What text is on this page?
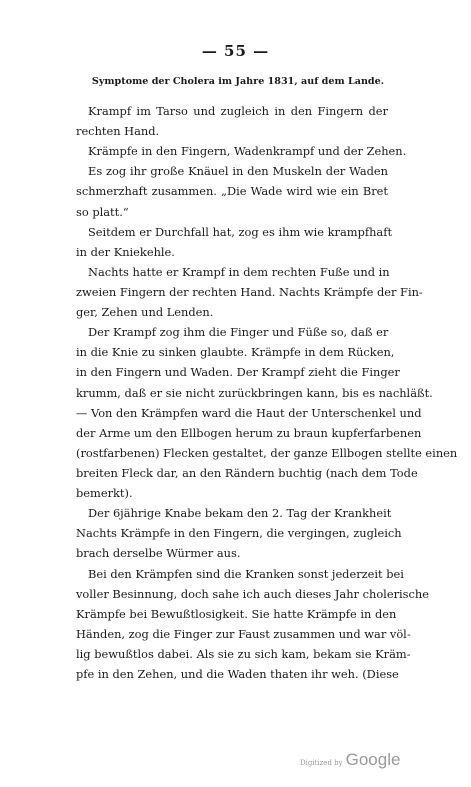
— 55 —
Symptome der Cholera im Jahre 1831, auf dem Lande.
Krampf im Tarso und zugleich in den Fingern der
rechten Hand.
Krämpfe in den Fingern, Wadenkrampf und der Zehen.
Es zog ihr große Knäuel in den Muskeln der Waden
schmerzhaft zusammen. „Die Wade wird wie ein Bret
so platt.“
Seitdem er Durchfall hat, zog es ihm wie krampfhaft
in der Kniekehle.
Nachts hatte er Krampf in dem rechten Fuße und in
zweien Fingern der rechten Hand. Nachts Krämpfe der Fin-
ger, Zehen und Lenden.
Der Krampf zog ihm die Finger und Füße so, daß er
in die Knie zu sinken glaubte. Krämpfe in dem Rücken,
in den Fingern und Waden. Der Krampf zieht die Finger
krumm, daß er sie nicht zurückbringen kann, bis es nachläßt.
— Von den Krämpfen ward die Haut der Unterschenkel und
der Arme um den Ellbogen herum zu braun kupferfarbenen
(rostfarbenen) Flecken gestaltet, der ganze Ellbogen stellte einen
breiten Fleck dar, an den Rändern buchtig (nach dem Tode
bemerkt).
Der 6jährige Knabe bekam den 2. Tag der Krankheit
Nachts Krämpfe in den Fingern, die vergingen, zugleich
brach derselbe Würmer aus.
Bei den Krämpfen sind die Kranken sonst jederzeit bei
voller Besinnung, doch sahe ich auch dieses Jahr cholerische
Krämpfe bei Bewußtlosigkeit. Sie hatte Krämpfe in den
Händen, zog die Finger zur Faust zusammen und war völ-
lig bewußtlos dabei. Als sie zu sich kam, bekam sie Kräm-
pfe in den Zehen, und die Waden thaten ihr weh. (Diese
Digitized by Google
